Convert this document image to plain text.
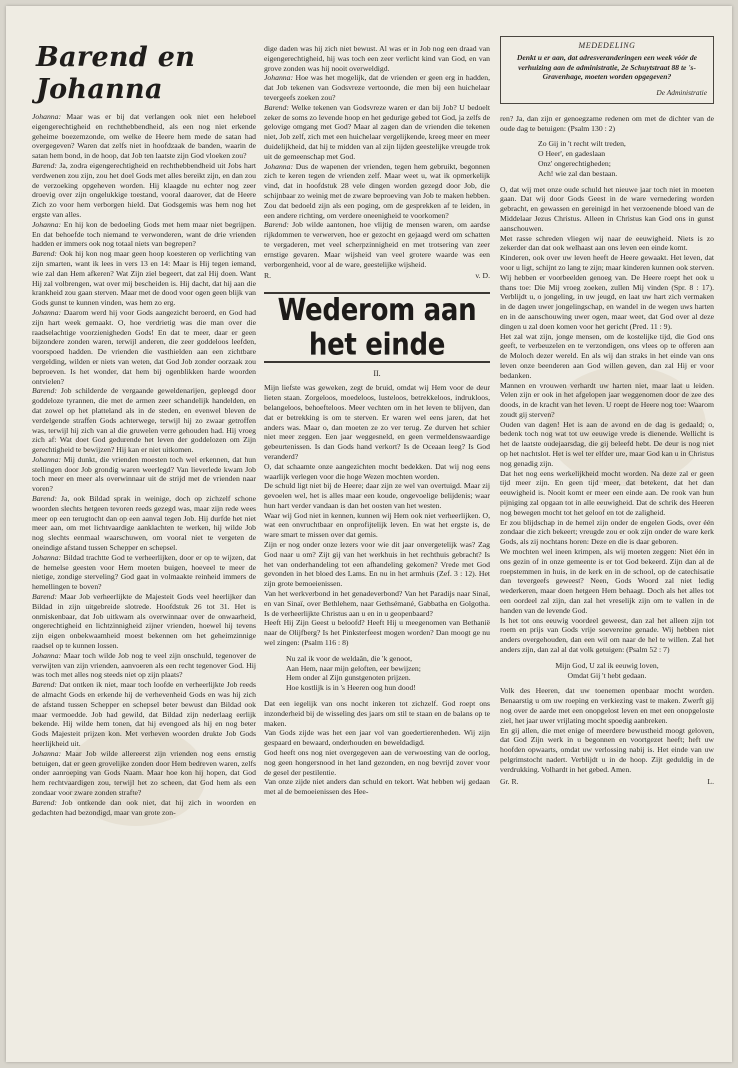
Barend en Johanna

Johanna: Maar was er bij dat verlangen ook niet een heleboel eigengerechtigheid en rechthebbendheid, als een nog niet erkende geheime boezemzonde, om welke de Heere hem mede de satan had overgegeven? Waren dat zelfs niet in hoofdzaak de banden, waarin de satan hem bond, in de hoop, dat Job ten laatste zijn God vloeken zou?

Barend: Ja, zodra eigengerechtigheid en rechthebbendheid uit Jobs hart verdwenen zou zijn, zou het doel Gods met alles bereikt zijn, en dan zou de verzoeking opgeheven worden. Hij klaagde nu echter nog zeer droevig over zijn ongelukkige toestand, vooral daarover, dat de Heere Zich zo voor hem verborgen hield. Dat Godsgemis was hem nog het ergste van alles.

Johanna: En hij kon de bedoeling Gods met hem maar niet begrijpen. En dat behoefde toch niemand te verwonderen, want de drie vrienden hadden er immers ook nog totaal niets van begrepen?

Barend: Ook hij kon nog maar geen hoop koesteren op verlichting van zijn smarten, want ik lees in vers 13 en 14: Maar is Hij tegen iemand, wie zal dan Hem afkeren? Wat Zijn ziel begeert, dat zal Hij doen. Want Hij zal volbrengen, wat over mij bescheiden is. Hij dacht, dat hij aan die krankheid zou gaan sterven. Maar met de dood voor ogen geen blijk van Gods gunst te kunnen vinden, was hem zo erg.

Johanna: Daarom werd hij voor Gods aangezicht beroerd, en God had zijn hart week gemaakt. O, hoe verdrietig was die man over die raadselachtige voorzienigheden Gods! En dat te meer, daar er geen bijzondere zonden waren, terwijl anderen, die zeer goddeloos leefden, voorspoed hadden. De vrienden die vasthielden aan een zichtbare vergelding, wilden er niets van weten, dat God Job zonder oorzaak zou beproeven. Is het wonder, dat hem bij ogenblikken harde woorden ontvielen?

Barend: Job schilderde de vergaande geweldenarijen, gepleegd door goddeloze tyrannen, die met de armen zeer schandelijk handelden, en dat zowel op het platteland als in de steden, en evenwel bleven de verdelgende straffen Gods achterwege, terwijl hij zo zwaar getroffen was, terwijl hij zich van al die gruwelen verre gehouden had. Hij vroeg zich af: Wat doet God gedurende het leven der goddelozen om Zijn gerechtigheid te bewijzen? Hij kan er niet uitkomen.

Johanna: Mij dunkt, die vrienden moesten toch wel erkennen, dat hun stellingen door Job grondig waren weerlegd? Van lieverlede kwam Job toch meer en meer als overwinnaar uit de strijd met de vrienden naar voren?

Barend: Ja, ook Bildad sprak in weinige, doch op zichzelf schone woorden slechts hetgeen tevoren reeds gezegd was, maar zijn rede wees meer op een terugtocht dan op een aanval tegen Job. Hij durfde het niet meer aan, om met lichtvaardige aanklachten te werken, hij wilde Job nog slechts eenmaal waarschuwen, om vooral niet te vergeten de oneindige afstand tussen Schepper en schepsel.

Johanna: Bildad trachtte God te verheerlijken, door er op te wijzen, dat de hemelse geesten voor Hem moeten buigen, hoeveel te meer de nietige, zondige sterveling? God gaat in volmaakte reinheid immers de hemellingen te boven?

Barend: Maar Job verheerlijkte de Majesteit Gods veel heerlijker dan Bildad in zijn uitgebreide slotrede. Hoofdstuk 26 tot 31. Het is onmiskenbaar, dat Job uitkwam als overwinnaar over de onwaarheid, ongerechtigheid en lichtzinnigheid zijner vrienden, hoewel hij tevens zijn eigen onbekwaamheid moest bekennen om het geheimzinnige raadsel op te kunnen lossen.

Johanna: Maar toch wilde Job nog te veel zijn onschuld, tegenover de verwijten van zijn vrienden, aanvoeren als een recht tegenover God. Hij was toch met alles nog steeds niet op zijn plaats?

Barend: Dat ontken ik niet, maar toch loofde en verheerlijkte Job reeds de almacht Gods en erkende hij de verhevenheid Gods en was hij zich de afstand tussen Schepper en schepsel beter bewust dan Bildad ook maar vermoedde. Job had gewild, dat Bildad zijn nederlaag eerlijk bekende. Hij wilde hem tonen, dat hij evengoed als hij en nog beter Gods Majesteit prijzen kon. Met verheven woorden drukte Job Gods heerlijkheid uit.

Johanna: Maar Job wilde allereerst zijn vrienden nog eens ernstig betuigen, dat er geen grovelijke zonden door Hem bedreven waren, zelfs onder aanroeping van Gods Naam. Maar hoe kon hij hopen, dat God hem rechtvaardigen zou, terwijl het zo scheen, dat God hem als een zondaar voor zware zonden strafte?

Barend: Job ontkende dan ook niet, dat hij zich in woorden en gedachten had bezondigd, maar van grote zon-

dige daden was hij zich niet bewust. Al was er in Job nog een draad van eigengerechtigheid, hij was toch een zeer verlicht kind van God, en van grove zonden was hij nooit overweldigd.

Johanna: Hoe was het mogelijk, dat de vrienden er geen erg in hadden, dat Job tekenen van Godsvreze vertoonde, die men bij een huichelaar tevergeefs zoeken zou?

Barend: Welke tekenen van Godsvreze waren er dan bij Job? U bedoelt zeker de soms zo levende hoop en het gedurige gebed tot God, ja zelfs de gelovige omgang met God? Maar al zagen dan de vrienden die tekenen niet, Job zelf, zich met een huichelaar vergelijkende, kreeg meer en meer duidelijkheid, dat hij te midden van al zijn lijden geestelijke vreugde trok uit de gemeenschap met God.

Johanna: Dus de wapenen der vrienden, tegen hem gebruikt, begonnen zich te keren tegen de vrienden zelf. Maar weet u, wat ik opmerkelijk vind, dat in hoofdstuk 28 vele dingen worden gezegd door Job, die schijnbaar zo weinig met de zware beproeving van Job te maken hebben. Zou dat bedoeld zijn als een poging, om de gesprekken af te leiden, in een andere richting, om verdere oneenigheid te voorkomen?

Barend: Job wilde aantonen, hoe vlijtig de mensen waren, om aardse rijkdommen te verwerven, hoe er gezocht en gejaagd werd om schatten te vergaderen, met veel scherpzinnigheid en met trotsering van zeer ernstige gevaren. Maar wijsheid van veel grotere waarde was een verborgenheid, voor al de ware, geestelijke wijsheid.

R.	v. D.
Wederom aan het einde
II.

Mijn liefste was geweken, zegt de bruid, omdat wij Hem voor de deur lieten staan. Zorgeloos, moedeloos, lusteloos, betrekkeloos, indrukloos, belangeloos, behoefteloos. Meer vechten om in het leven te blijven, dan dat er betrekking is om te sterven. Er waren wel eens jaren, dat het anders was. Maar o, dan moeten ze zo ver terug. Ze durven het schier niet meer zeggen. Een jaar weggesneld, en geen vermeldenswaardige gebeurtenissen. Is dan Gods hand verkort? Is de Oceaan leeg? Is God veranderd?

O, dat schaamte onze aangezichten mocht bedekken. Dat wij nog eens waarlijk verlegen voor die hoge Wezen mochten worden.

De schuld ligt niet bij de Heere; daar zijn ze wel van overtuigd. Maar zij gevoelen wel, het is alles maar een koude, ongevoelige belijdenis; waar hun hart verder vandaan is dan het oosten van het westen.

Waar wij God niet in kennen, kunnen wij Hem ook niet verheerlijken. O, wat een onvruchtbaar en onprofijtelijk leven. En wat het ergste is, de ware smart te missen over dat gemis.

Zijn er nog onder onze lezers voor wie dit jaar onvergetelijk was? Zag God naar u om? Zijt gij van het werkhuis in het rechthuis gebracht? Is het van onderhandeling tot een afhandeling gekomen? Vrede met God gevonden in het bloed des Lams. En nu in het armhuis (Zef. 3 : 12). Het zijn grote bemoeienissen.

Van het werkverbond in het genadeverbond? Van het Paradijs naar Sinaï, en van Sinaï, over Bethlehem, naar Gethsémané, Gabbatha en Golgotha. Is de verheerlijkte Christus aan u en in u geopenbaard?

Heeft Hij Zijn Geest u beloofd? Heeft Hij u meegenomen van Bethanië naar de Olijfberg? Is het Pinksterfeest mogen worden? Dan moogt ge nu wel zingen: (Psalm 116 : 8)

Nu zal ik voor de weldaân, die 'k genoot,
Aan Hem, naar mijn geloften, eer bewijzen;
Hem onder al Zijn gunstgenoten prijzen.
Hoe kostlijk is in 's Heeren oog hun dood!

Dat een iegelijk van ons nocht inkeren tot zichzelf. God roept ons inzonderheid bij de wisseling des jaars om stil te staan en de balans op te maken.

Van Gods zijde was het een jaar vol van goedertierenheden. Wij zijn gespaard en bewaard, onderhouden en beweldadigd.

God heeft ons nog niet overgegeven aan de verwoesting van de oorlog, nog geen hongersnood in het land gezonden, en nog bevrijd zover voor de gesel der pestilentie.

Van onze zijde niet anders dan schuld en tekort. Wat hebben wij gedaan met al de bemoeienissen des Hee-

MEDEDELING
Denkt u er aan, dat adresveranderingen een week vóór de verhuizing aan de administratie, 2e Schuytstraat 88 te 's-Gravenhage, moeten worden opgegeven?
De Administratie

ren? Ja, dan zijn er genoegzame redenen om met de dichter van de oude dag te betuigen: (Psalm 130 : 2)

Zo Gij in 't recht wilt treden,
O Heer', en gadeslaan
Onz' ongerechtigheden;
Ach! wie zal dan bestaan.

O, dat wij met onze oude schuld het nieuwe jaar toch niet in moeten gaan. Dat wij door Gods Geest in de ware vernedering worden gebracht, en gewassen en gereinigd in het verzoenende bloed van de Middelaar Jezus Christus. Alleen in Christus kan God ons in gunst aanschouwen.

Met rasse schreden vliegen wij naar de eeuwigheid. Niets is zo zekerder dan dat ook welhaast aan ons leven een einde komt.

Kinderen, ook over uw leven heeft de Heere gewaakt. Het leven, dat voor u ligt, schijnt zo lang te zijn; maar kinderen kunnen ook sterven. Wij hebben er voorbeelden genoeg van. De Heere roept het ook u thans toe: Die Mij vroeg zoeken, zullen Mij vinden (Spr. 8 : 17). Verblijdt u, o jongeling, in uw jeugd, en laat uw hart zich vermaken in de dagen uwer jongelingschap, en wandel in de wegen uws harten en in de aanschouwing uwer ogen, maar weet, dat God over al deze dingen u zal doen komen voor het gericht (Pred. 11 : 9).

Het zal wat zijn, jonge mensen, om de kostelijke tijd, die God ons geeft, te verbeuzelen en te verzondigen, ons vlees op te offeren aan de Moloch dezer wereld. En als wij dan straks in het einde van ons leven onze beenderen aan God willen geven, dan zal Hij er voor bedanken.

Mannen en vrouwen verhardt uw harten niet, maar laat u leiden. Velen zijn er ook in het afgelopen jaar weggenomen door de zee des doods, in de kracht van het leven. U roept de Heere nog toe: Waarom zoudt gij sterven?

Ouden van dagen! Het is aan de avond en de dag is gedaald; o, bedenk toch nog wat tot uw eeuwige vrede is dienende. Wellicht is het de laatste oudejaarsdag, die gij beleefd hebt. De deur is nog niet op het nachtslot. Het is wel ter elfder ure, maar God kan u in Christus nog genadig zijn.

Dat het nog eens werkelijkheid mocht worden. Na deze zal er geen tijd meer zijn. En geen tijd meer, dat betekent, dat het dan eeuwigheid is. Nooit komt er meer een einde aan. De rook van hun pijniging zal opgaan tot in alle eeuwigheid. Dat de schrik des Heeren nog bewegen mocht tot het geloof en tot de zaligheid.

Er zou blijdschap in de hemel zijn onder de engelen Gods, over één zondaar die zich bekeert; vreugde zou er ook zijn onder de ware kerk Gods, als zij nochtans horen: Deze en die is daar geboren.

We mochten wel ineen krimpen, als wij moeten zeggen: Niet één in ons gezin of in onze gemeente is er tot God bekeerd. Zijn dan al de roepstemmen in huis, in de kerk en in de school, op de catechisatie dan tevergeefs geweest? Neen, Gods Woord zal niet ledig wederkeren, maar doen hetgeen Hem behaagt. Doch als het alles tot een oordeel zal zijn, dan zal het vreselijk zijn om te vallen in de handen van de levende God.

Is het tot ons eeuwig voordeel geweest, dan zal het alleen zijn tot roem en prijs van Gods vrije soevereine genade. Wij hebben niet anders overgehouden, dan een wil om naar de hel te willen. Zal het anders zijn, dan zal al dat volk getuigen: (Psalm 52 : 7)

Mijn God, U zal ik eeuwig loven,
Omdat Gij 't hebt gedaan.

Volk des Heeren, dat uw toenemen openbaar mocht worden. Benaarstig u om uw roeping en verkiezing vast te maken. Zwerft gij nog over de aarde met een onopgelost leven en met een onopgeloste ziel, het jaar uwer vrijlating mocht spoedig aanbreken.

En gij allen, die met enige of meerdere bewustheid moogt geloven, dat God Zijn werk in u begonnen en voortgezet heeft; heft uw hoofden opwaarts, omdat uw verlossing nabij is. Het einde van uw pelgrimstocht nadert. Verblijdt u in de hoop. Zijt geduldig in de verdrukking. Volhardt in het gebed. Amen.

Gr. R.	L.
